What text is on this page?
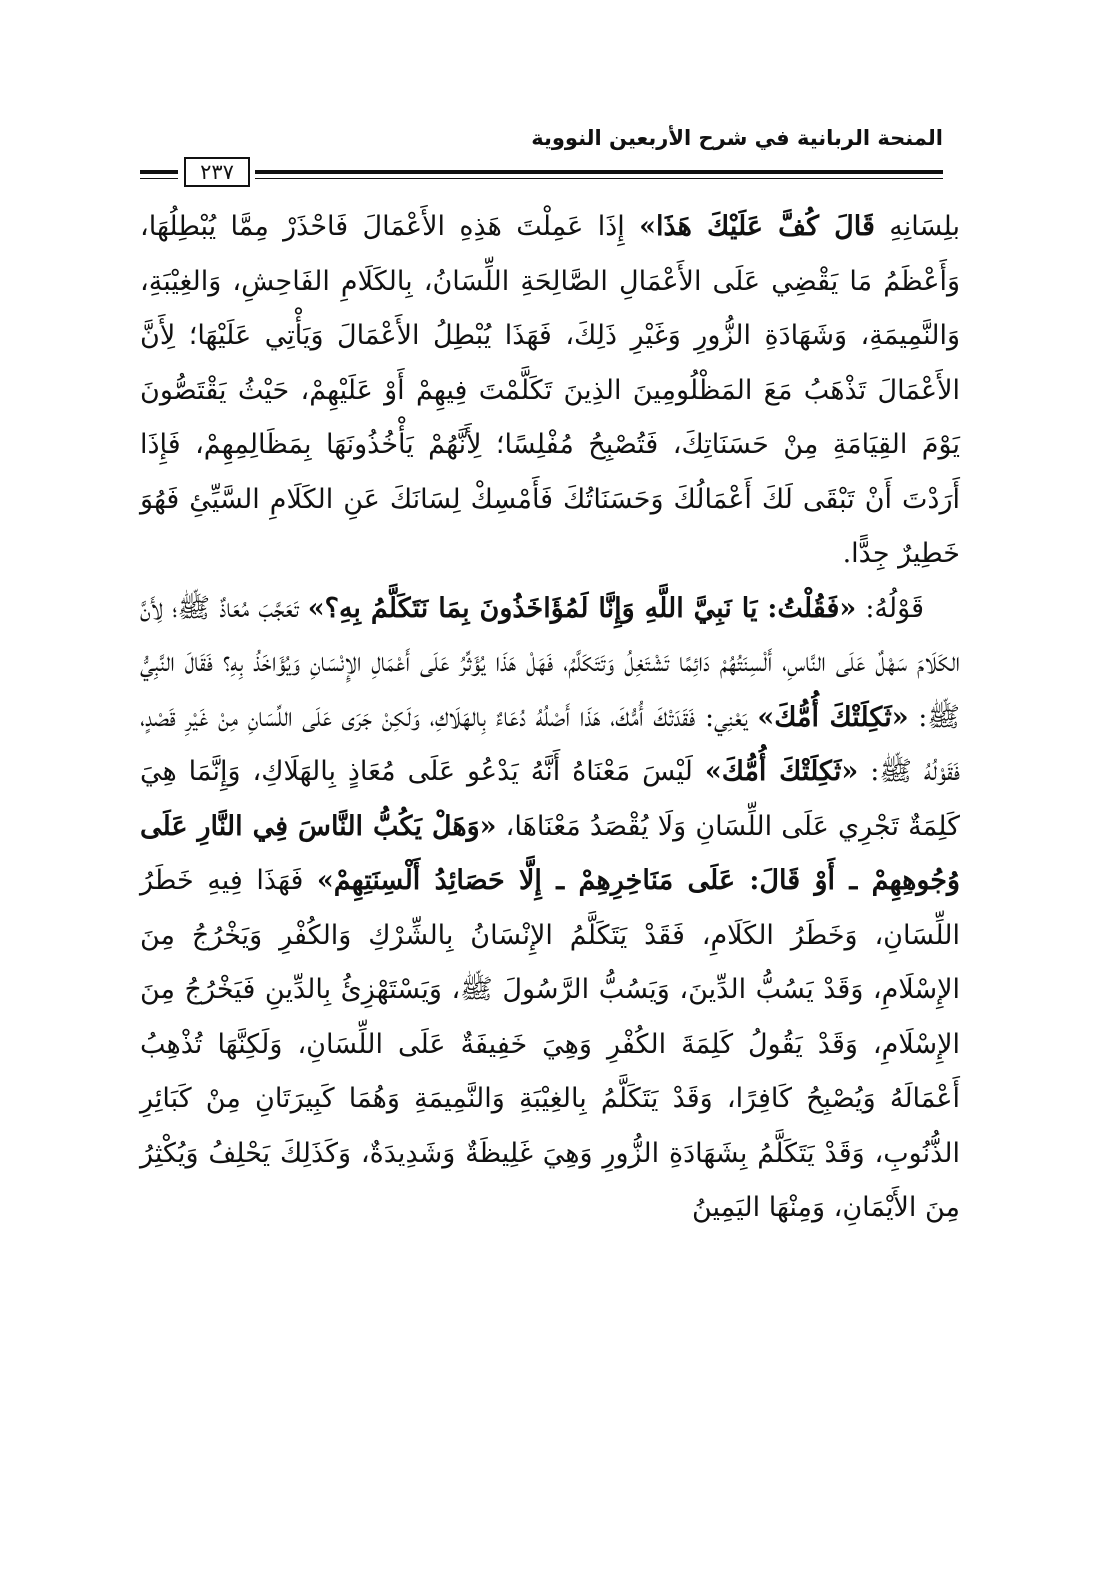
المنحة الربانية في شرح الأربعين النووية
٢٣٧

بلِسَانِهِ قَالَ كُفَّ عَلَيْكَ هَذَا» إِذَا عَمِلْتَ هَذِهِ الأَعْمَالَ فَاحْذَرْ مِمَّا يُبْطِلُهَا، وَأَعْظَمُ مَا يَقْضِي عَلَى الأَعْمَالِ الصَّالِحَةِ اللِّسَانُ، بِالكَلَامِ الفَاحِشِ، وَالغِيْبَةِ، وَالنَّمِيمَةِ، وَشَهَادَةِ الزُّورِ وَغَيْرِ ذَلِكَ، فَهَذَا يُبْطِلُ الأَعْمَالَ وَيَأْتِي عَلَيْهَا؛ لِأَنَّ الأَعْمَالَ تَذْهَبُ مَعَ المَظْلُومِينَ الذِينَ تَكَلَّمْتَ فِيهِمْ أَوْ عَلَيْهِمْ، حَيْثُ يَقْتَصُّونَ يَوْمَ القِيَامَةِ مِنْ حَسَنَاتِكَ، فَتُصْبِحُ مُفْلِسًا؛ لِأَنَّهُمْ يَأْخُذُونَهَا بِمَظَالِمِهِمْ، فَإِذَا أَرَدْتَ أَنْ تَبْقَى لَكَ أَعْمَالُكَ وَحَسَنَاتُكَ فَأَمْسِكْ لِسَانَكَ عَنِ الكَلَامِ السَّيِّئِ فَهُوَ خَطِيرٌ جِدًّا.

قَوْلُهُ: «فَقُلْتُ: يَا نَبِيَّ اللَّهِ وَإِنَّا لَمُؤَاخَذُونَ بِمَا نَتَكَلَّمُ بِهِ؟» تَعَجَّبَ مُعَاذٌ ﷺ؛ لِأَنَّ الكَلَامَ سَهْلٌ عَلَى النَّاسِ، أَلْسِنَتُهُمْ دَائِمًا تَشْتَغِلُ وَتَتَكَلَّمُ، فَهَلْ هَذَا يُؤَثِّرُ عَلَى أَعْمَالِ الإِنْسَانِ وَيُؤَاخَذُ بِهِ؟ فَقَالَ النَّبِيُّ ﷺ: «ثَكِلَتْكَ أُمُّكَ» يَعْنِي: فَقَدَتْكَ أُمُّكَ، هَذَا أَصْلُهُ دُعَاءٌ بِالهَلَاكِ، وَلَكِنْ جَرَى عَلَى اللِّسَانِ مِنْ غَيْرِ قَصْدٍ، فَقَوْلُهُ ﷺ: «ثَكِلَتْكَ أُمُّكَ» لَيْسَ مَعْنَاهُ أَنَّهُ يَدْعُو عَلَى مُعَاذٍ بِالهَلَاكِ، وَإِنَّمَا هِيَ كَلِمَةٌ تَجْرِي عَلَى اللِّسَانِ وَلَا يُقْصَدُ مَعْنَاهَا، «وَهَلْ يَكُبُّ النَّاسَ فِي النَّارِ عَلَى وُجُوهِهِمْ ـ أَوْ قَالَ: عَلَى مَنَاخِرِهِمْ ـ إِلَّا حَصَائِدُ أَلْسِنَتِهِمْ» فَهَذَا فِيهِ خَطَرُ اللِّسَانِ، وَخَطَرُ الكَلَامِ، فَقَدْ يَتَكَلَّمُ الإِنْسَانُ بِالشِّرْكِ وَالكُفْرِ وَيَخْرُجُ مِنَ الإِسْلَامِ، وَقَدْ يَسُبُّ الدِّينَ، وَيَسُبُّ الرَّسُولَ ﷺ، وَيَسْتَهْزِئُ بِالدِّينِ فَيَخْرُجُ مِنَ الإِسْلَامِ، وَقَدْ يَقُولُ كَلِمَةَ الكُفْرِ وَهِيَ خَفِيفَةٌ عَلَى اللِّسَانِ، وَلَكِنَّهَا تُذْهِبُ أَعْمَالَهُ وَيُصْبِحُ كَافِرًا، وَقَدْ يَتَكَلَّمُ بِالغِيْبَةِ وَالنَّمِيمَةِ وَهُمَا كَبِيرَتَانِ مِنْ كَبَائِرِ الذُّنُوبِ، وَقَدْ يَتَكَلَّمُ بِشَهَادَةِ الزُّورِ وَهِيَ غَلِيظَةٌ وَشَدِيدَةٌ، وَكَذَلِكَ يَحْلِفُ وَيُكْثِرُ مِنَ الأَيْمَانِ، وَمِنْهَا اليَمِينُ
